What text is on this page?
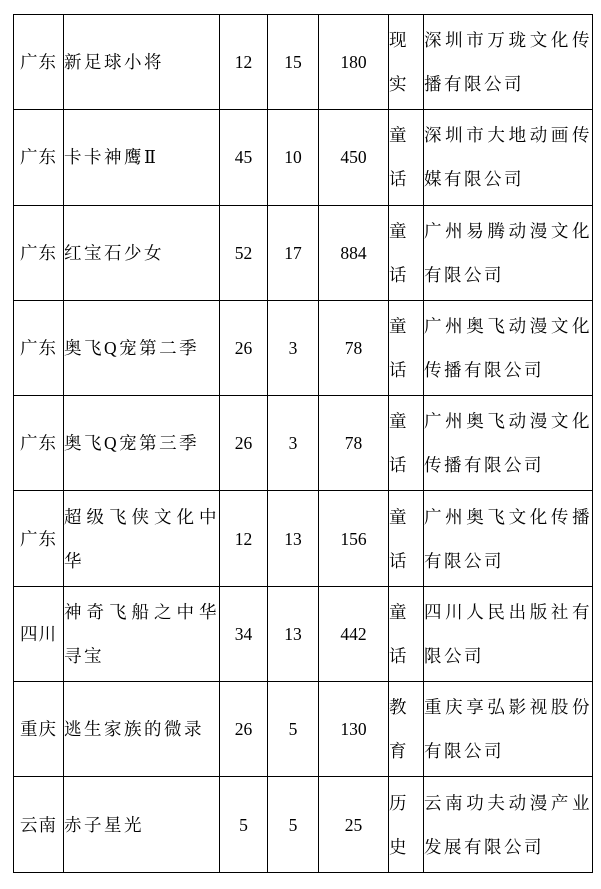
广东	新足球小将	12	15	180	现实	深圳市万珑文化传播有限公司
广东	卡卡神鹰Ⅱ	45	10	450	童话	深圳市大地动画传媒有限公司
广东	红宝石少女	52	17	884	童话	广州易腾动漫文化有限公司
广东	奥飞Q宠第二季	26	3	78	童话	广州奥飞动漫文化传播有限公司
广东	奥飞Q宠第三季	26	3	78	童话	广州奥飞动漫文化传播有限公司
广东	超级飞侠文化中华	12	13	156	童话	广州奥飞文化传播有限公司
四川	神奇飞船之中华寻宝	34	13	442	童话	四川人民出版社有限公司
重庆	逃生家族的微录	26	5	130	教育	重庆享弘影视股份有限公司
云南	赤子星光	5	5	25	历史	云南功夫动漫产业发展有限公司
